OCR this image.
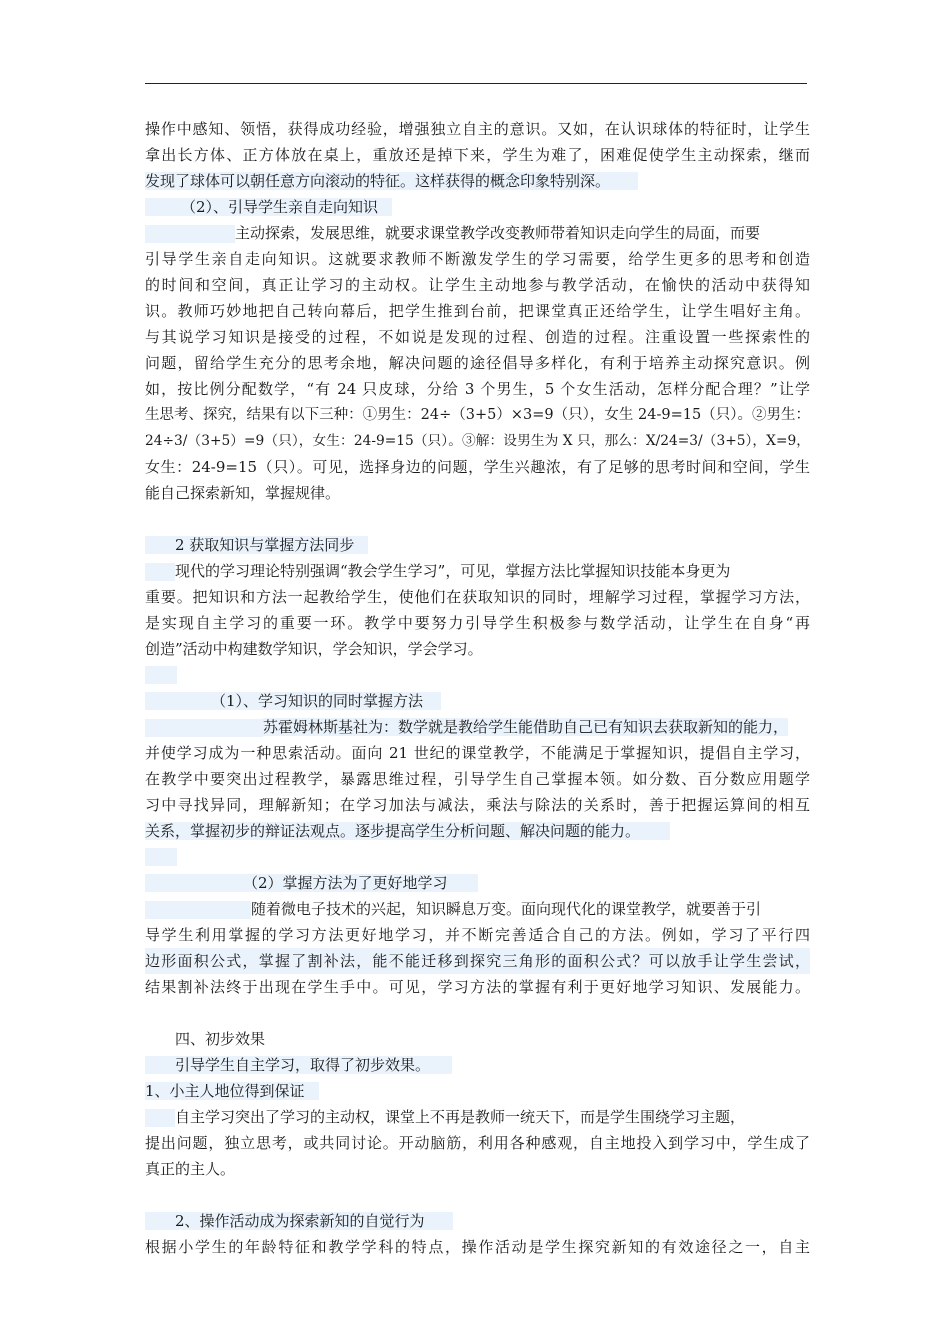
操作中感知、领悟，获得成功经验，增强独立自主的意识。又如，在认识球体的特征时，让学生
拿出长方体、正方体放在桌上，重放还是掉下来，学生为难了，困难促使学生主动探索，继而
发现了球体可以朝任意方向滚动的特征。这样获得的概念印象特别深。
（2）、引导学生亲自走向知识
主动探索，发展思维，就要求课堂教学改变教师带着知识走向学生的局面，而要
引导学生亲自走向知识。这就要求教师不断激发学生的学习需要，给学生更多的思考和创造
的时间和空间，真正让学习的主动权。让学生主动地参与教学活动，在愉快的活动中获得知
识。教师巧妙地把自己转向幕后，把学生推到台前，把课堂真正还给学生，让学生唱好主角。
与其说学习知识是接受的过程，不如说是发现的过程、创造的过程。注重设置一些探索性的
问题，留给学生充分的思考余地，解决问题的途径倡导多样化，有利于培养主动探究意识。例
如，按比例分配数学，“有 24 只皮球，分给 3 个男生，5 个女生活动，怎样分配合理？”让学
生思考、探究，结果有以下三种：①男生：24÷（3+5）×3=9（只），女生 24-9=15（只）。②男生：
24÷3/（3+5）=9（只），女生：24-9=15（只）。③解：设男生为 X 只，那么：X/24=3/（3+5），X=9，
女生：24-9=15（只）。可见，选择身边的问题，学生兴趣浓，有了足够的思考时间和空间，学生
能自己探索新知，掌握规律。
2 获取知识与掌握方法同步
现代的学习理论特别强调“教会学生学习”，可见，掌握方法比掌握知识技能本身更为
重要。把知识和方法一起教给学生，使他们在获取知识的同时，埋解学习过程，掌握学习方法，
是实现自主学习的重要一环。教学中要努力引导学生积极参与数学活动，让学生在自身“再
创造”活动中构建数学知识，学会知识，学会学习。
（1）、学习知识的同时掌握方法
苏霍姆林斯基社为：数学就是教给学生能借助自己已有知识去获取新知的能力，
并使学习成为一种思索活动。面向 21 世纪的课堂教学，不能满足于掌握知识，提倡自主学习，
在教学中要突出过程教学，暴露思维过程，引导学生自己掌握本领。如分数、百分数应用题学
习中寻找异同，理解新知；在学习加法与减法，乘法与除法的关系时，善于把握运算间的相互
关系，掌握初步的辩证法观点。逐步提高学生分析问题、解决问题的能力。
（2）掌握方法为了更好地学习
随着微电子技术的兴起，知识瞬息万变。面向现代化的课堂教学，就要善于引
导学生利用掌握的学习方法更好地学习，并不断完善适合自己的方法。例如，学习了平行四
边形面积公式，掌握了割补法，能不能迁移到探究三角形的面积公式？可以放手让学生尝试，
结果割补法终于出现在学生手中。可见，学习方法的掌握有利于更好地学习知识、发展能力。
四、初步效果
引导学生自主学习，取得了初步效果。
1、小主人地位得到保证
自主学习突出了学习的主动权，课堂上不再是教师一统天下，而是学生围绕学习主题，
提出问题，独立思考，或共同讨论。开动脑筋，利用各种感观，自主地投入到学习中，学生成了
真正的主人。
2、操作活动成为探索新知的自觉行为
根据小学生的年龄特征和教学学科的特点，操作活动是学生探究新知的有效途径之一，自主
